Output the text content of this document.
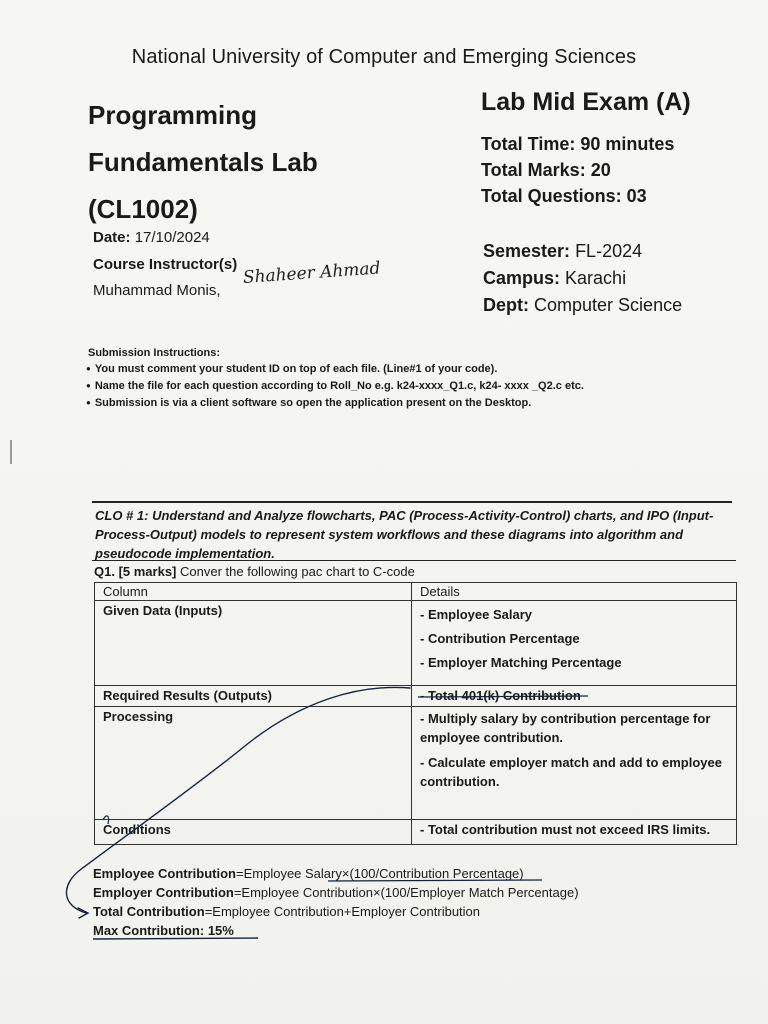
National University of Computer and Emerging Sciences
Programming
Fundamentals Lab
(CL1002)
Lab Mid Exam (A)
Total Time: 90 minutes
Total Marks: 20
Total Questions: 03
Date: 17/10/2024
Course Instructor(s)
Muhammad Monis,
Shaheer Ahmad
Semester: FL-2024
Campus: Karachi
Dept: Computer Science
Submission Instructions:
● You must comment your student ID on top of each file. (Line#1 of your code).
● Name the file for each question according to Roll_No e.g. k24-xxxx_Q1.c, k24- xxxx _Q2.c etc.
● Submission is via a client software so open the application present on the Desktop.
CLO # 1: Understand and Analyze flowcharts, PAC (Process-Activity-Control) charts, and IPO (Input-Process-Output) models to represent system workflows and these diagrams into algorithm and pseudocode implementation.
Q1. [5 marks] Conver the following pac chart to C-code
Column	Details
Given Data (Inputs)	- Employee Salary
- Contribution Percentage
- Employer Matching Percentage

Required Results (Outputs)	- Total 401(k) Contribution
Processing	- Multiply salary by contribution percentage for employee contribution.
- Calculate employer match and add to employee contribution.

Conditions	- Total contribution must not exceed IRS limits.
Employee Contribution=Employee Salary×(100/Contribution Percentage)
Employer Contribution=Employee Contribution×(100/Employer Match Percentage)
Total Contribution=Employee Contribution+Employer Contribution
Max Contribution: 15%
